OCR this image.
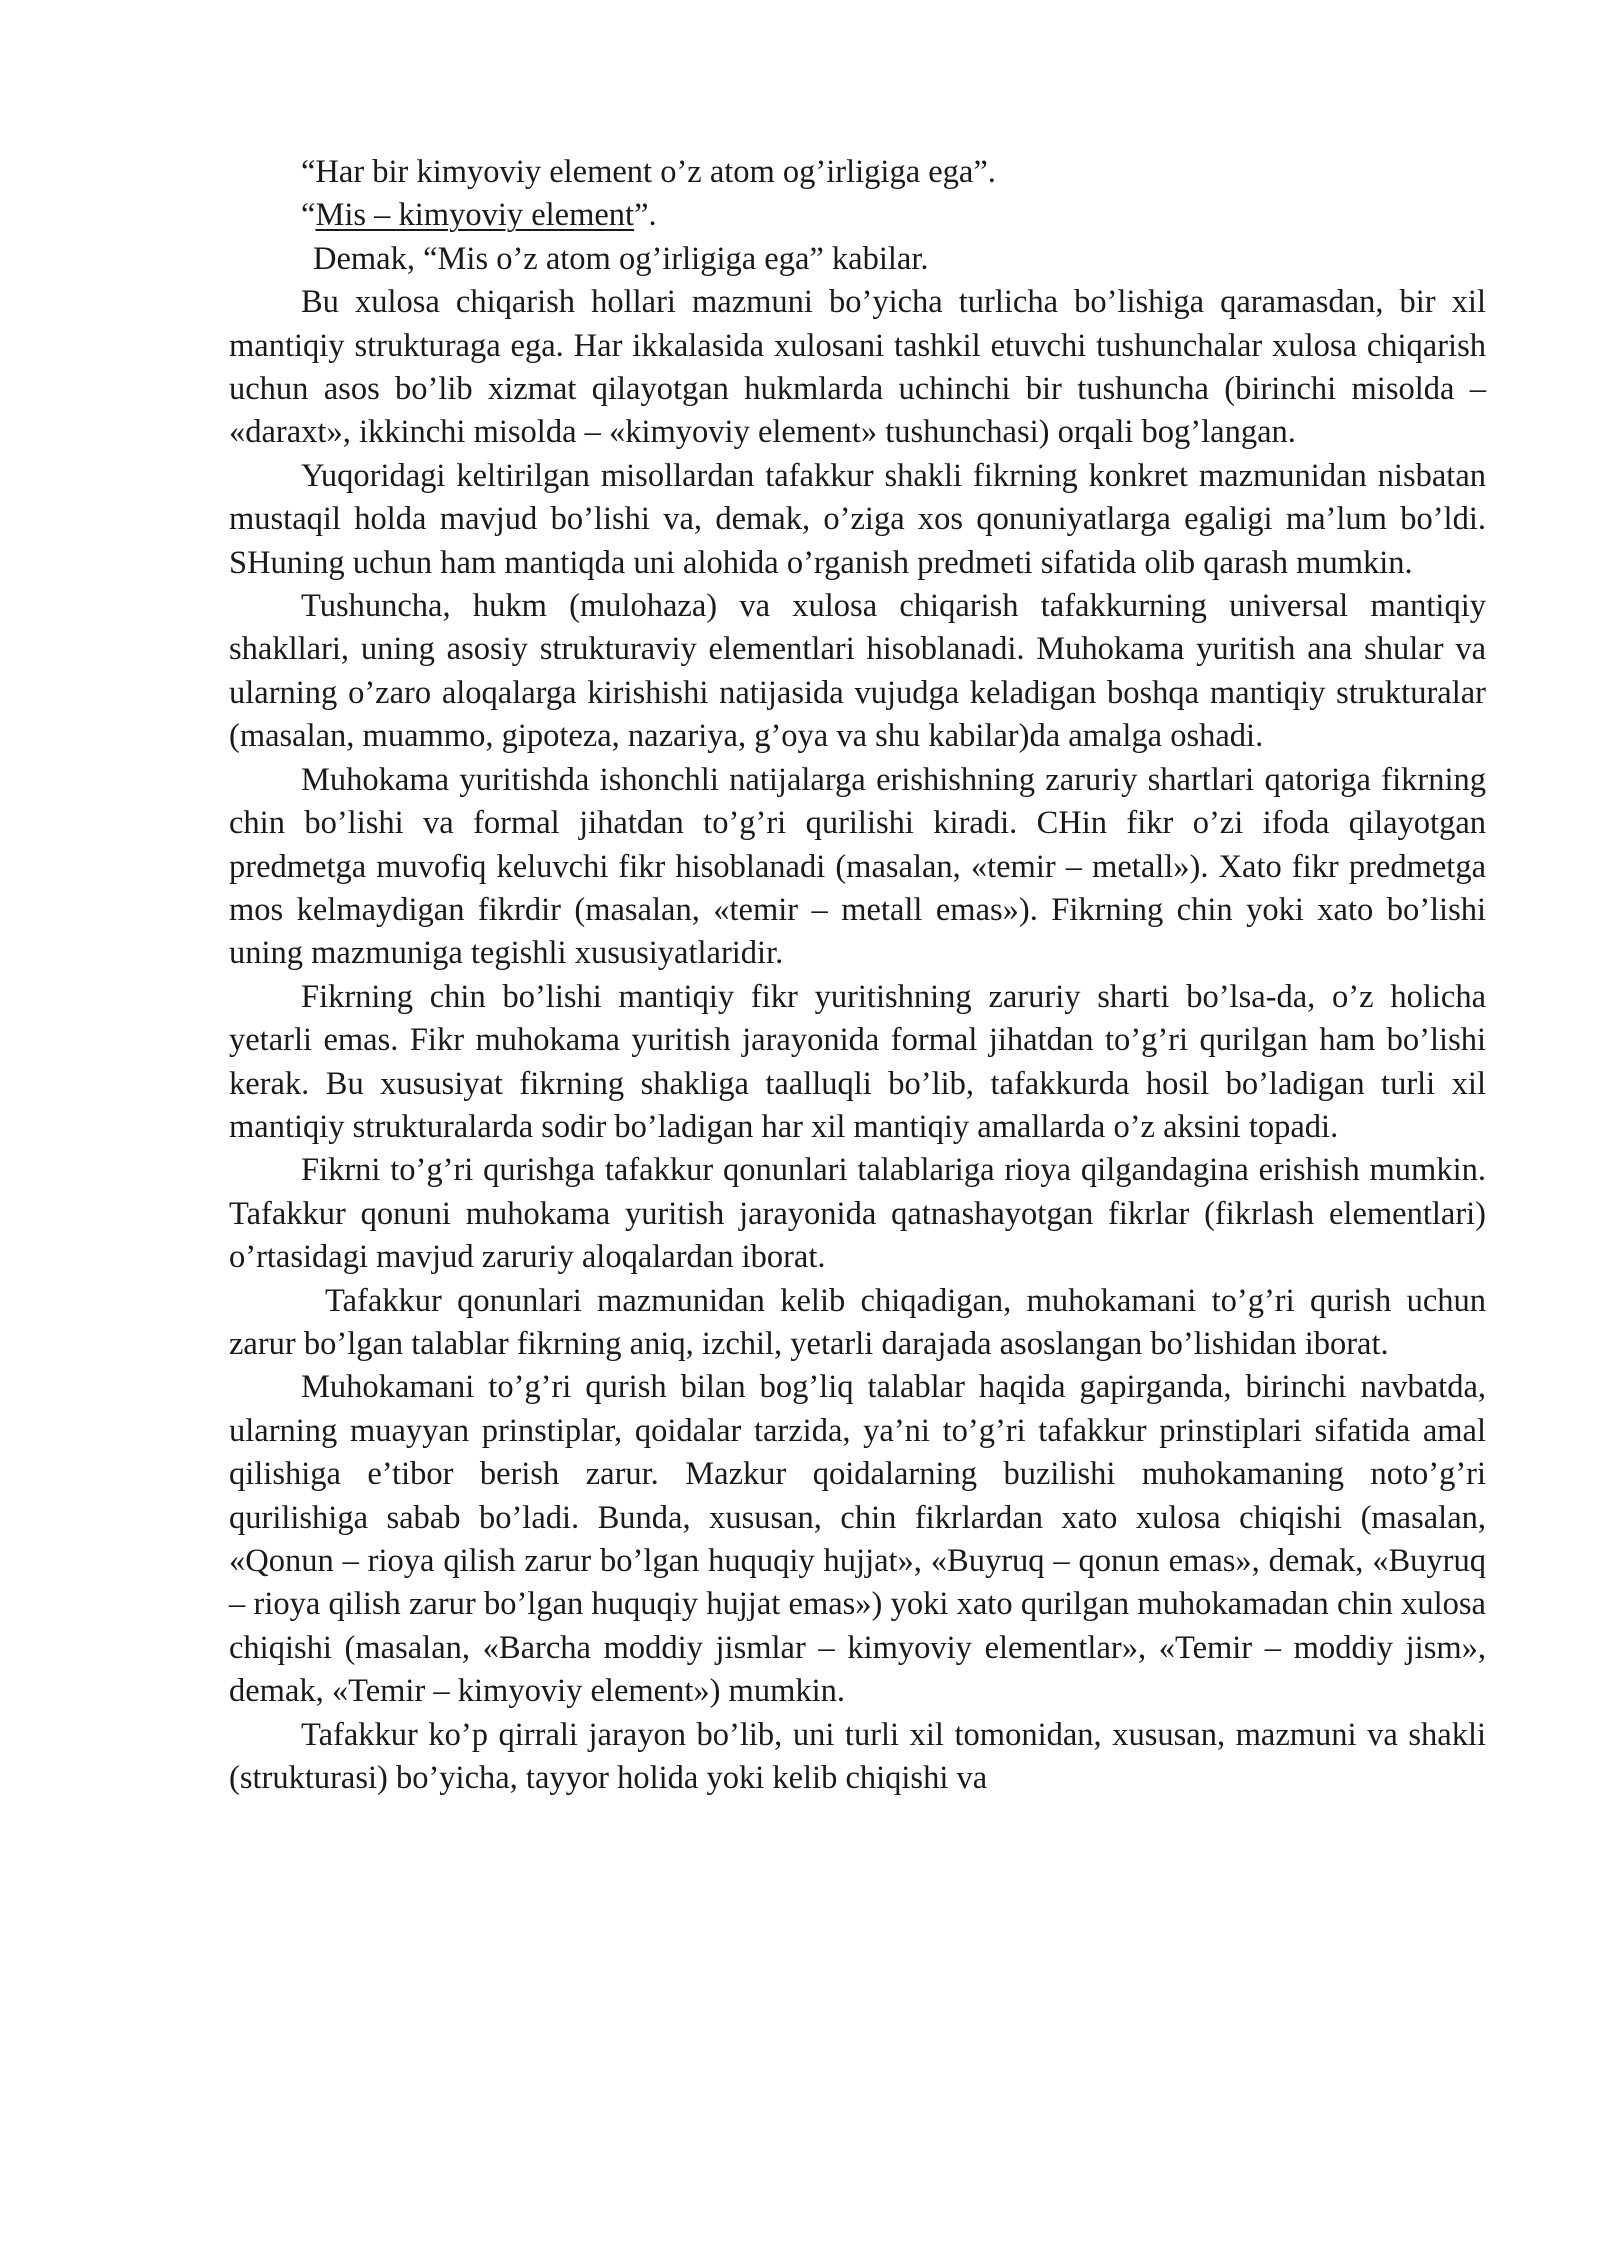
“Har bir kimyoviy element o’z atom og’irligiga ega”.

“Mis – kimyoviy element”.

Demak, “Mis o’z atom og’irligiga ega” kabilar.

Bu xulosa chiqarish hollari mazmuni bo’yicha turlicha bo’lishiga qaramasdan, bir xil mantiqiy strukturaga ega. Har ikkalasida xulosani tashkil etuvchi tushunchalar xulosa chiqarish uchun asos bo’lib xizmat qilayotgan hukmlarda uchinchi bir tushuncha (birinchi misolda – «daraxt», ikkinchi misolda – «kimyoviy element» tushunchasi) orqali bog’langan.

Yuqoridagi keltirilgan misollardan tafakkur shakli fikrning konkret mazmunidan nisbatan mustaqil holda mavjud bo’lishi va, demak, o’ziga xos qonuniyatlarga egaligi ma’lum bo’ldi. SHuning uchun ham mantiqda uni alohida o’rganish predmeti sifatida olib qarash mumkin.

Tushuncha, hukm (mulohaza) va xulosa chiqarish tafakkurning universal mantiqiy shakllari, uning asosiy strukturaviy elementlari hisoblanadi. Muhokama yuritish ana shular va ularning o’zaro aloqalarga kirishishi natijasida vujudga keladigan boshqa mantiqiy strukturalar (masalan, muammo, gipoteza, nazariya, g’oya va shu kabilar)da amalga oshadi.

Muhokama yuritishda ishonchli natijalarga erishishning zaruriy shartlari qatoriga fikrning chin bo’lishi va formal jihatdan to’g’ri qurilishi kiradi. CHin fikr o’zi ifoda qilayotgan predmetga muvofiq keluvchi fikr hisoblanadi (masalan, «temir – metall»). Xato fikr predmetga mos kelmaydigan fikrdir (masalan, «temir – metall emas»). Fikrning chin yoki xato bo’lishi uning mazmuniga tegishli xususiyatlaridir.

Fikrning chin bo’lishi mantiqiy fikr yuritishning zaruriy sharti bo’lsa-da, o’z holicha yetarli emas. Fikr muhokama yuritish jarayonida formal jihatdan to’g’ri qurilgan ham bo’lishi kerak. Bu xususiyat fikrning shakliga taalluqli bo’lib, tafakkurda hosil bo’ladigan turli xil mantiqiy strukturalarda sodir bo’ladigan har xil mantiqiy amallarda o’z aksini topadi.

Fikrni to’g’ri qurishga tafakkur qonunlari talablariga rioya qilgandagina erishish mumkin. Tafakkur qonuni muhokama yuritish jarayonida qatnashayotgan fikrlar (fikrlash elementlari) o’rtasidagi mavjud zaruriy aloqalardan iborat.

Tafakkur qonunlari mazmunidan kelib chiqadigan, muhokamani to’g’ri qurish uchun zarur bo’lgan talablar fikrning aniq, izchil, yetarli darajada asoslangan bo’lishidan iborat.

Muhokamani to’g’ri qurish bilan bog’liq talablar haqida gapirganda, birinchi navbatda, ularning muayyan prinstiplar, qoidalar tarzida, ya’ni to’g’ri tafakkur prinstiplari sifatida amal qilishiga e’tibor berish zarur. Mazkur qoidalarning buzilishi muhokamaning noto’g’ri qurilishiga sabab bo’ladi. Bunda, xususan, chin fikrlardan xato xulosa chiqishi (masalan, «Qonun – rioya qilish zarur bo’lgan huquqiy hujjat», «Buyruq – qonun emas», demak, «Buyruq – rioya qilish zarur bo’lgan huquqiy hujjat emas») yoki xato qurilgan muhokamadan chin xulosa chiqishi (masalan, «Barcha moddiy jismlar – kimyoviy elementlar», «Temir – moddiy jism», demak, «Temir – kimyoviy element») mumkin.

Tafakkur ko’p qirrali jarayon bo’lib, uni turli xil tomonidan, xususan, mazmuni va shakli (strukturasi) bo’yicha, tayyor holida yoki kelib chiqishi va
